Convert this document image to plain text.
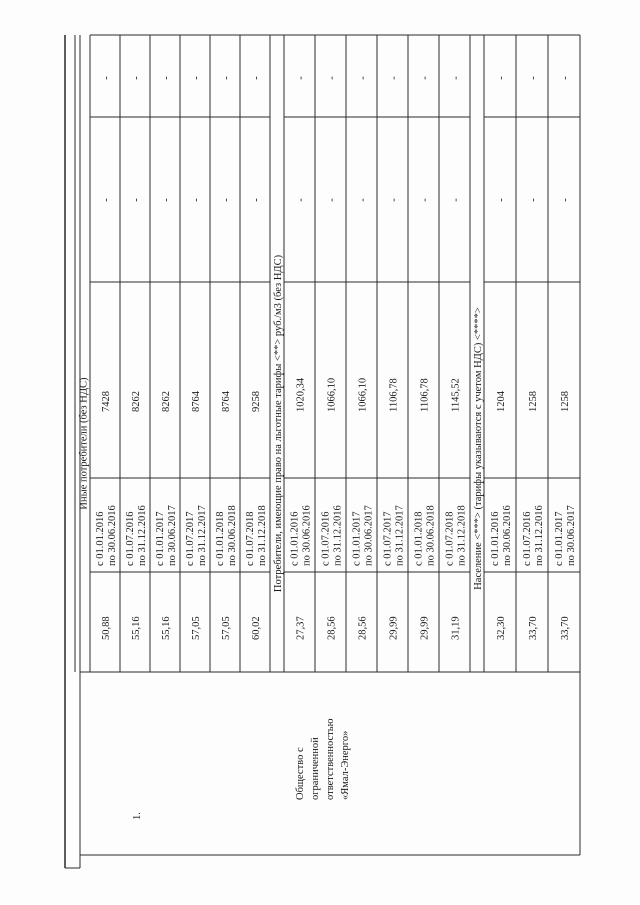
1.
Общество с ограниченной ответственностью «Ямал-Энерго»
Иные потребители (без НДС)
50,88
с 01.01.2016 по 30.06.2016
7428
-
-
55,16
с 01.07.2016 по 31.12.2016
8262
-
-
55,16
с 01.01.2017 по 30.06.2017
8262
-
-
57,05
с 01.07.2017 по 31.12.2017
8764
-
-
57,05
с 01.01.2018 по 30.06.2018
8764
-
-
60,02
с 01.07.2018 по 31.12.2018
9258
-
-
Потребители, имеющие право на льготные тарифы <**> руб./м3 (без НДС)
27,37
с 01.01.2016 по 30.06.2016
1020,34
-
-
28,56
с 01.07.2016 по 31.12.2016
1066,10
-
-
28,56
с 01.01.2017 по 30.06.2017
1066,10
-
-
29,99
с 01.07.2017 по 31.12.2017
1106,78
-
-
29,99
с 01.01.2018 по 30.06.2018
1106,78
-
-
31,19
с 01.07.2018 по 31.12.2018
1145,52
-
-
Население <***> (тарифы указываются с учетом НДС) <****>
32,30
с 01.01.2016 по 30.06.2016
1204
-
-
33,70
с 01.07.2016 по 31.12.2016
1258
-
-
33,70
с 01.01.2017 по 30.06.2017
1258
-
-
